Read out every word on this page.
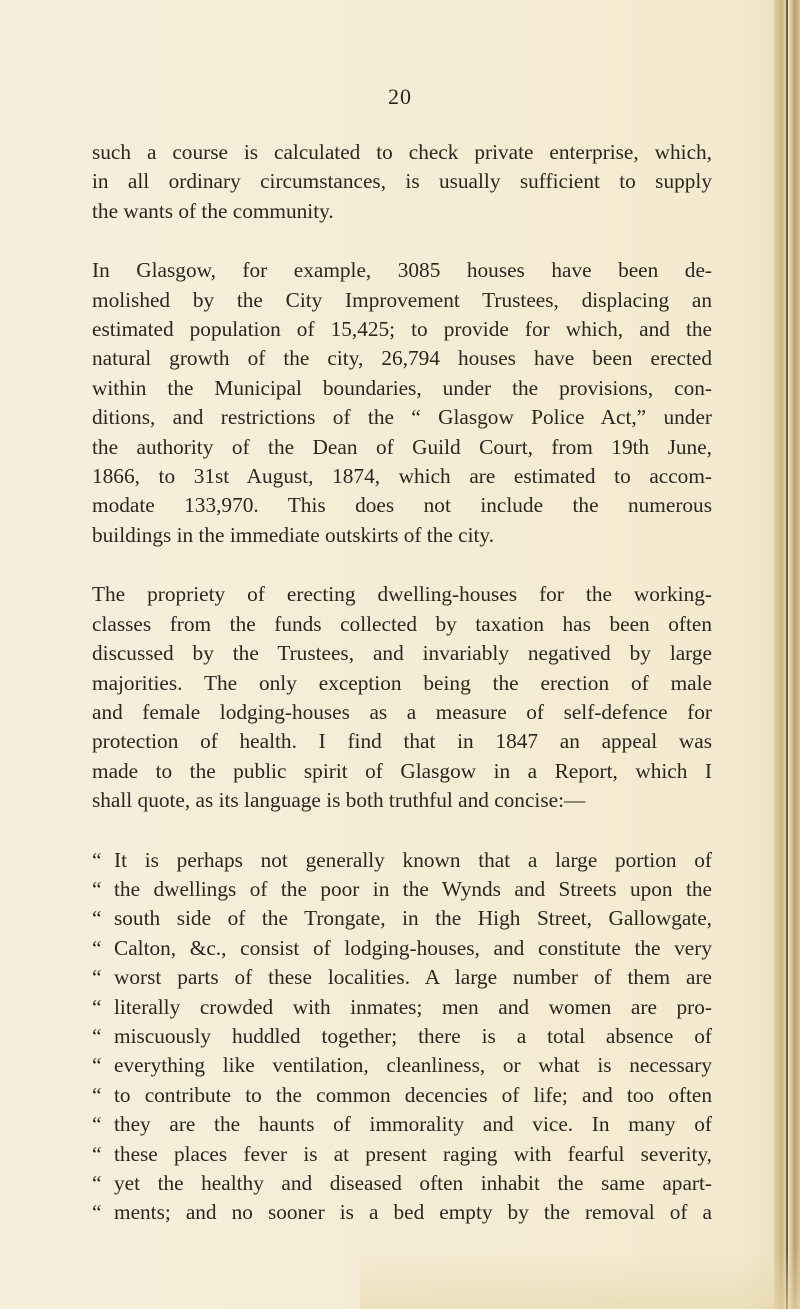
20
such a course is calculated to check private enterprise, which,
in all ordinary circumstances, is usually sufficient to supply
the wants of the community.
In Glasgow, for example, 3085 houses have been de-
molished by the City Improvement Trustees, displacing an
estimated population of 15,425; to provide for which, and the
natural growth of the city, 26,794 houses have been erected
within the Municipal boundaries, under the provisions, con-
ditions, and restrictions of the “ Glasgow Police Act,” under
the authority of the Dean of Guild Court, from 19th June,
1866, to 31st August, 1874, which are estimated to accom-
modate 133,970. This does not include the numerous
buildings in the immediate outskirts of the city.
The propriety of erecting dwelling-houses for the working-
classes from the funds collected by taxation has been often
discussed by the Trustees, and invariably negatived by large
majorities. The only exception being the erection of male
and female lodging-houses as a measure of self-defence for
protection of health. I find that in 1847 an appeal was
made to the public spirit of Glasgow in a Report, which I
shall quote, as its language is both truthful and concise:—
“ It is perhaps not generally known that a large portion of
“ the dwellings of the poor in the Wynds and Streets upon the
“ south side of the Trongate, in the High Street, Gallowgate,
“ Calton, &c., consist of lodging-houses, and constitute the very
“ worst parts of these localities. A large number of them are
“ literally crowded with inmates; men and women are pro-
“ miscuously huddled together; there is a total absence of
“ everything like ventilation, cleanliness, or what is necessary
“ to contribute to the common decencies of life; and too often
“ they are the haunts of immorality and vice. In many of
“ these places fever is at present raging with fearful severity,
“ yet the healthy and diseased often inhabit the same apart-
“ ments; and no sooner is a bed empty by the removal of a
